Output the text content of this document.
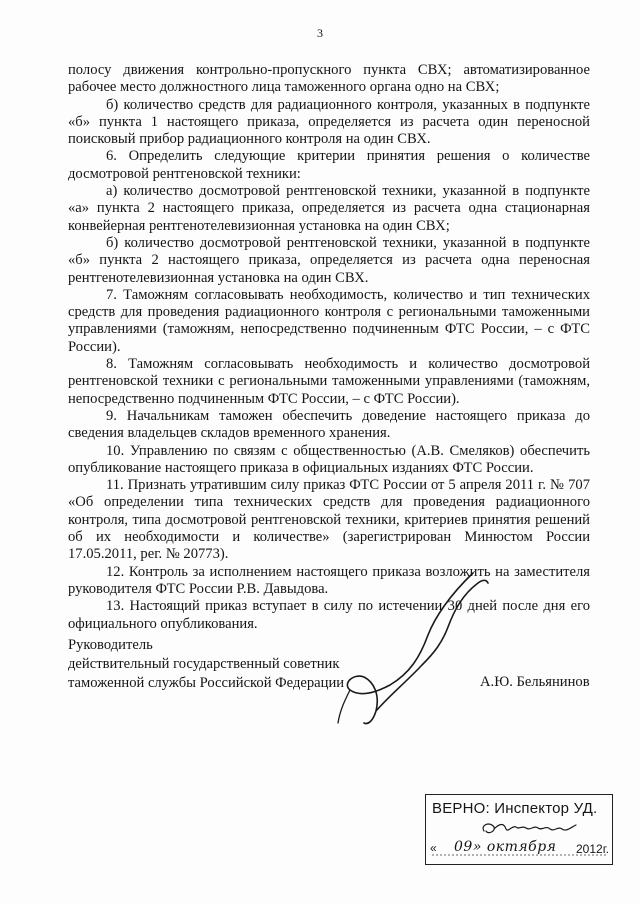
3

полосу движения контрольно-пропускного пункта СВХ; автоматизированное рабочее место должностного лица таможенного органа одно на СВХ;

б) количество средств для радиационного контроля, указанных в подпункте «б» пункта 1 настоящего приказа, определяется из расчета один переносной поисковый прибор радиационного контроля на один СВХ.

6. Определить следующие критерии принятия решения о количестве досмотровой рентгеновской техники:

а) количество досмотровой рентгеновской техники, указанной в подпункте «а» пункта 2 настоящего приказа, определяется из расчета одна стационарная конвейерная рентгенотелевизионная установка на один СВХ;

б) количество досмотровой рентгеновской техники, указанной в подпункте «б» пункта 2 настоящего приказа, определяется из расчета одна переносная рентгенотелевизионная установка на один СВХ.

7. Таможням согласовывать необходимость, количество и тип технических средств для проведения радиационного контроля с региональными таможенными управлениями (таможням, непосредственно подчиненным ФТС России, – с ФТС России).

8. Таможням согласовывать необходимость и количество досмотровой рентгеновской техники с региональными таможенными управлениями (таможням, непосредственно подчиненным ФТС России, – с ФТС России).

9. Начальникам таможен обеспечить доведение настоящего приказа до сведения владельцев складов временного хранения.

10. Управлению по связям с общественностью (А.В. Смеляков) обеспечить опубликование настоящего приказа в официальных изданиях ФТС России.

11. Признать утратившим силу приказ ФТС России от 5 апреля 2011 г. № 707 «Об определении типа технических средств для проведения радиационного контроля, типа досмотровой рентгеновской техники, критериев принятия решений об их необходимости и количестве» (зарегистрирован Минюстом России 17.05.2011, рег. № 20773).

12. Контроль за исполнением настоящего приказа возложить на заместителя руководителя ФТС России Р.В. Давыдова.

13. Настоящий приказ вступает в силу по истечении 30 дней после дня его официального опубликования.

Руководитель
действительный государственный советник
таможенной службы Российской Федерации	А.Ю. Бельянинов
ВЕРНО: Инспектор УД.
« 09» октября 2012г.
